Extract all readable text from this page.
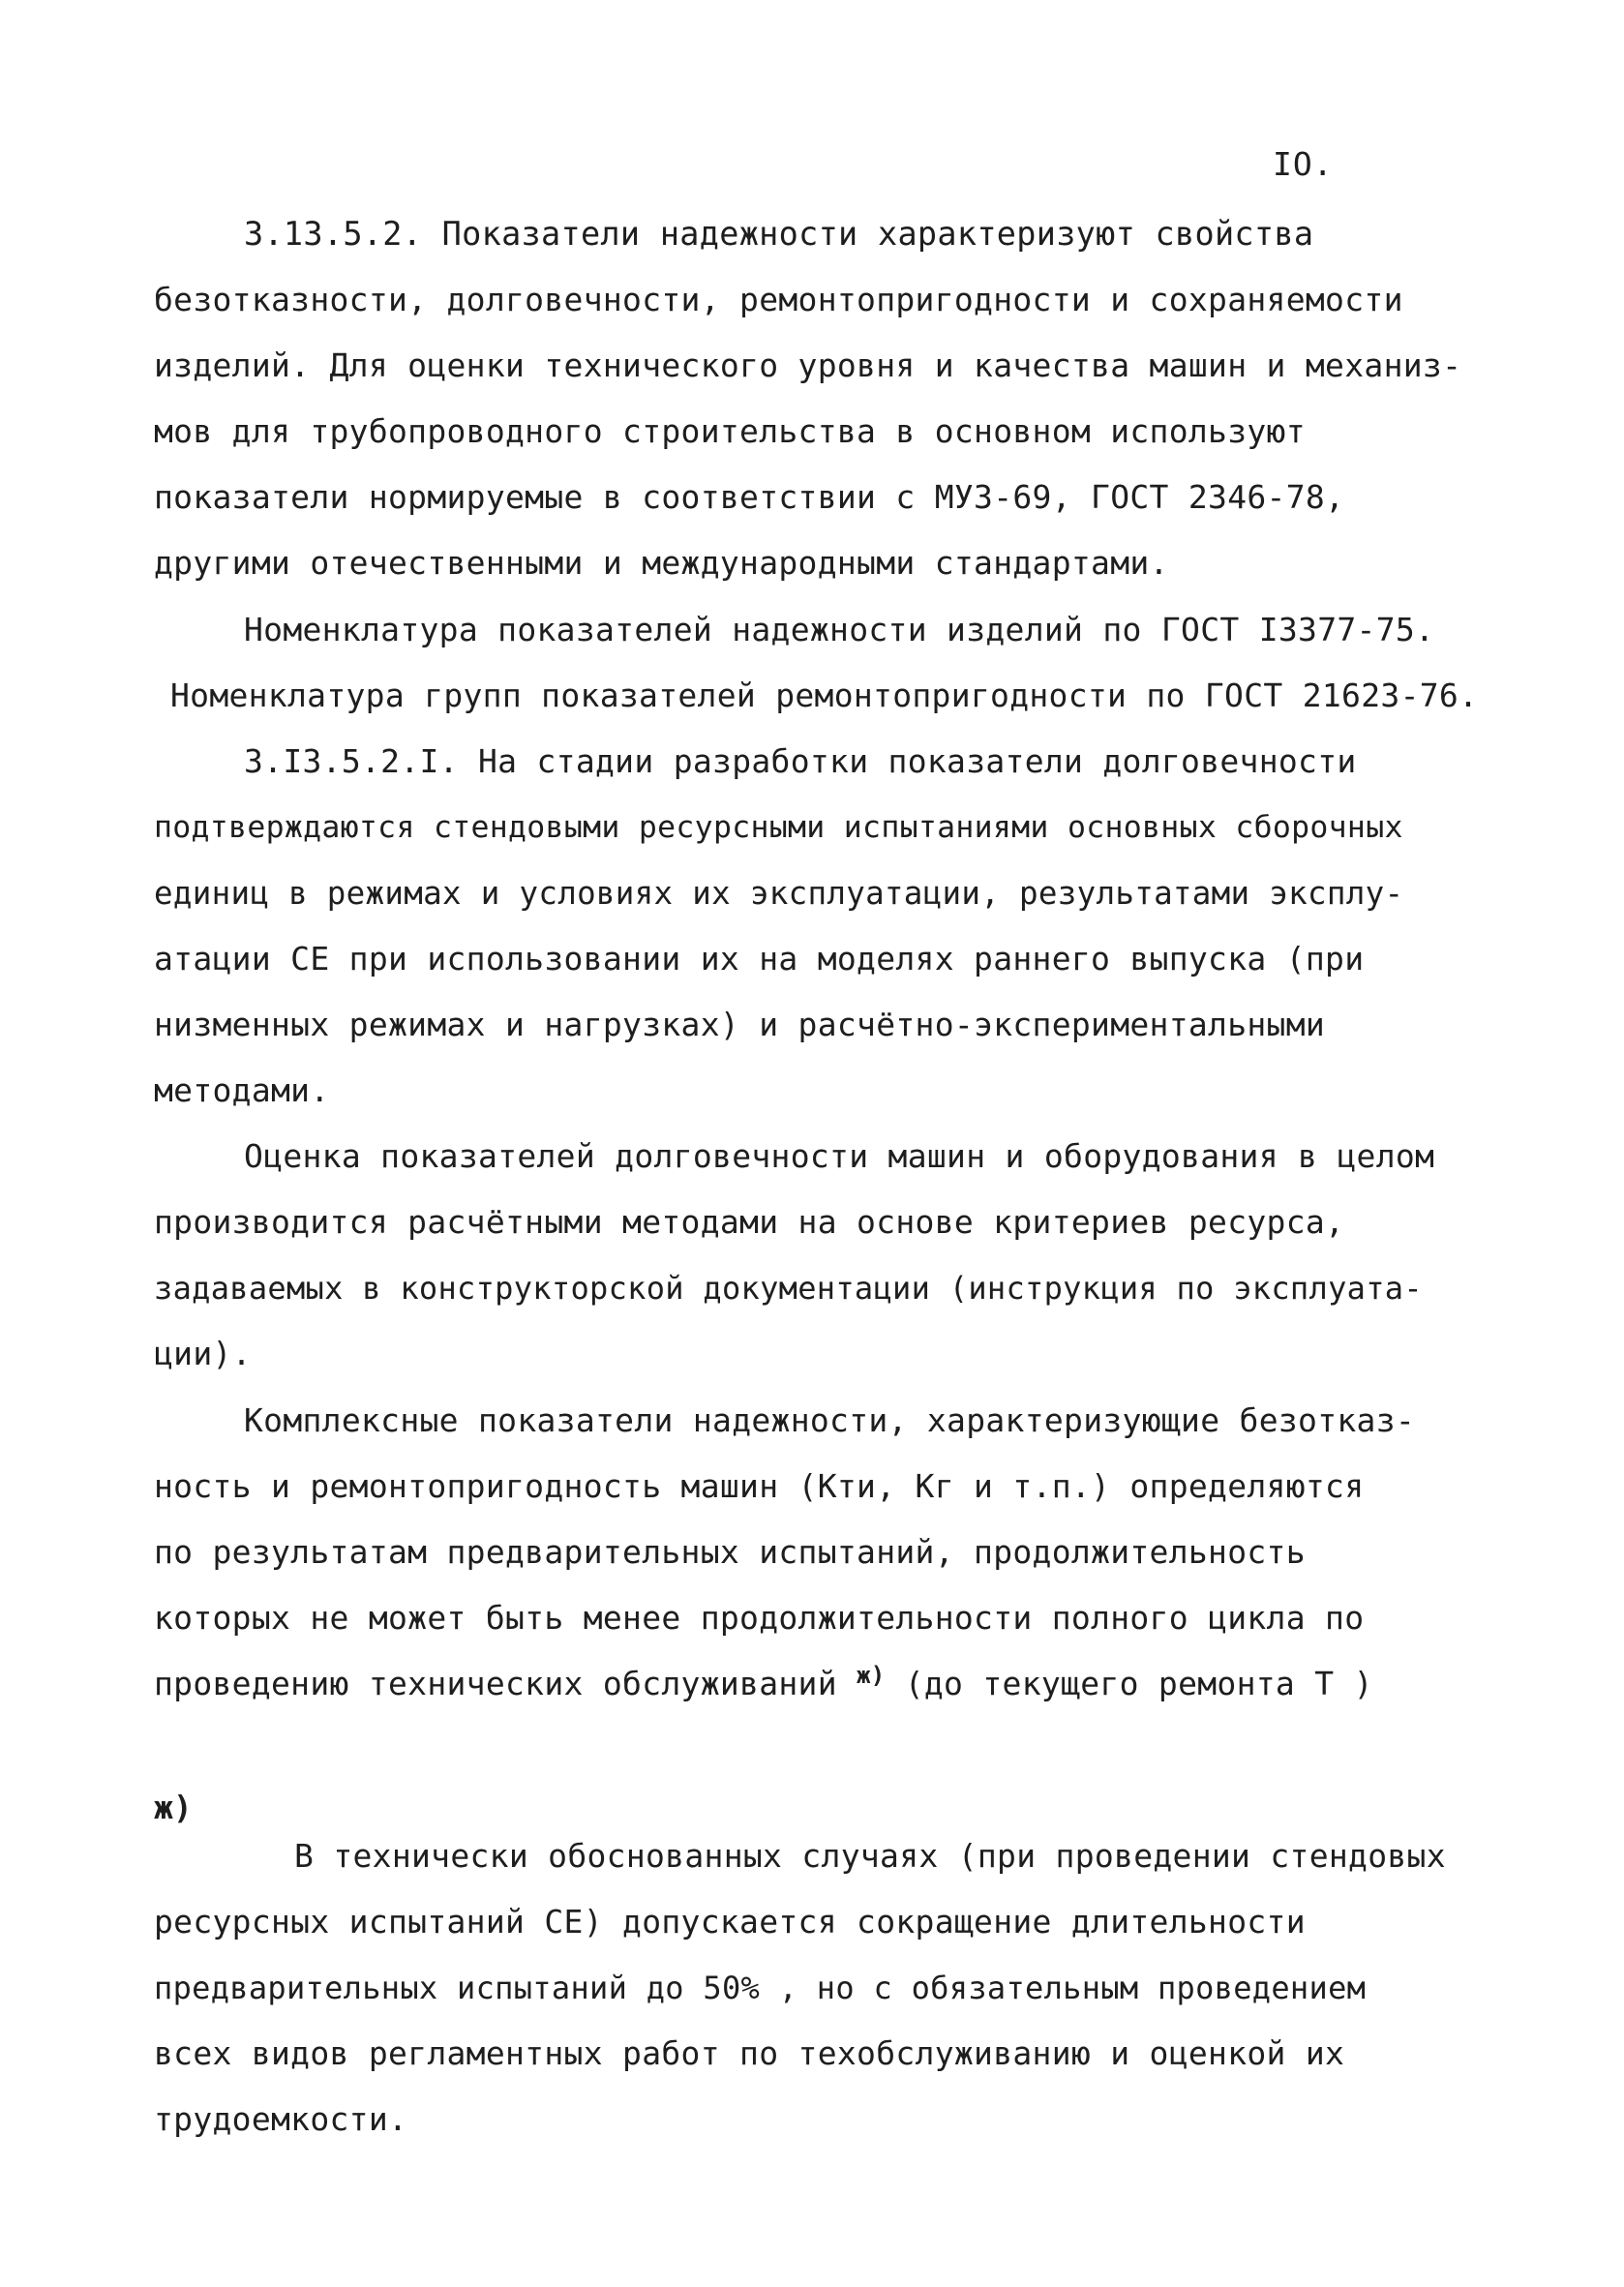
IO.
3.13.5.2. Показатели надежности характеризуют свойства
безотказности, долговечности, ремонтопригодности и сохраняемости
изделий. Для оценки технического уровня и качества машин и механиз-
мов для трубопроводного строительства в основном используют
показатели нормируемые в соответствии с МУЗ-69, ГОСТ 2346-78,
другими отечественными и международными стандартами.
Номенклатура показателей надежности изделий по ГОСТ I3377-75.
Номенклатура групп показателей ремонтопригодности по ГОСТ 21623-76.
3.I3.5.2.I. На стадии разработки показатели долговечности
подтверждаются стендовыми ресурсными испытаниями основных сборочных
единиц в режимах и условиях их эксплуатации, результатами эксплу-
атации СЕ при использовании их на моделях раннего выпуска (при
низменных режимах и нагрузках) и расчётно-экспериментальными
методами.
Оценка показателей долговечности машин и оборудования в целом
производится расчётными методами на основе критериев ресурса,
задаваемых в конструкторской документации (инструкция по эксплуата-
ции).
Комплексные показатели надежности, характеризующие безотказ-
ность и ремонтопригодность машин (Кти, Кг и т.п.) определяются
по результатам предварительных испытаний, продолжительность
которых не может быть менее продолжительности полного цикла по
проведению технических обслуживаний $^{ж)}$ (до текущего ремонта Т )
ж)
В технически обоснованных случаях (при проведении стендовых
ресурсных испытаний СЕ) допускается сокращение длительности
предварительных испытаний до 50% , но с обязательным проведением
всех видов регламентных работ по техобслуживанию и оценкой их
трудоемкости.
